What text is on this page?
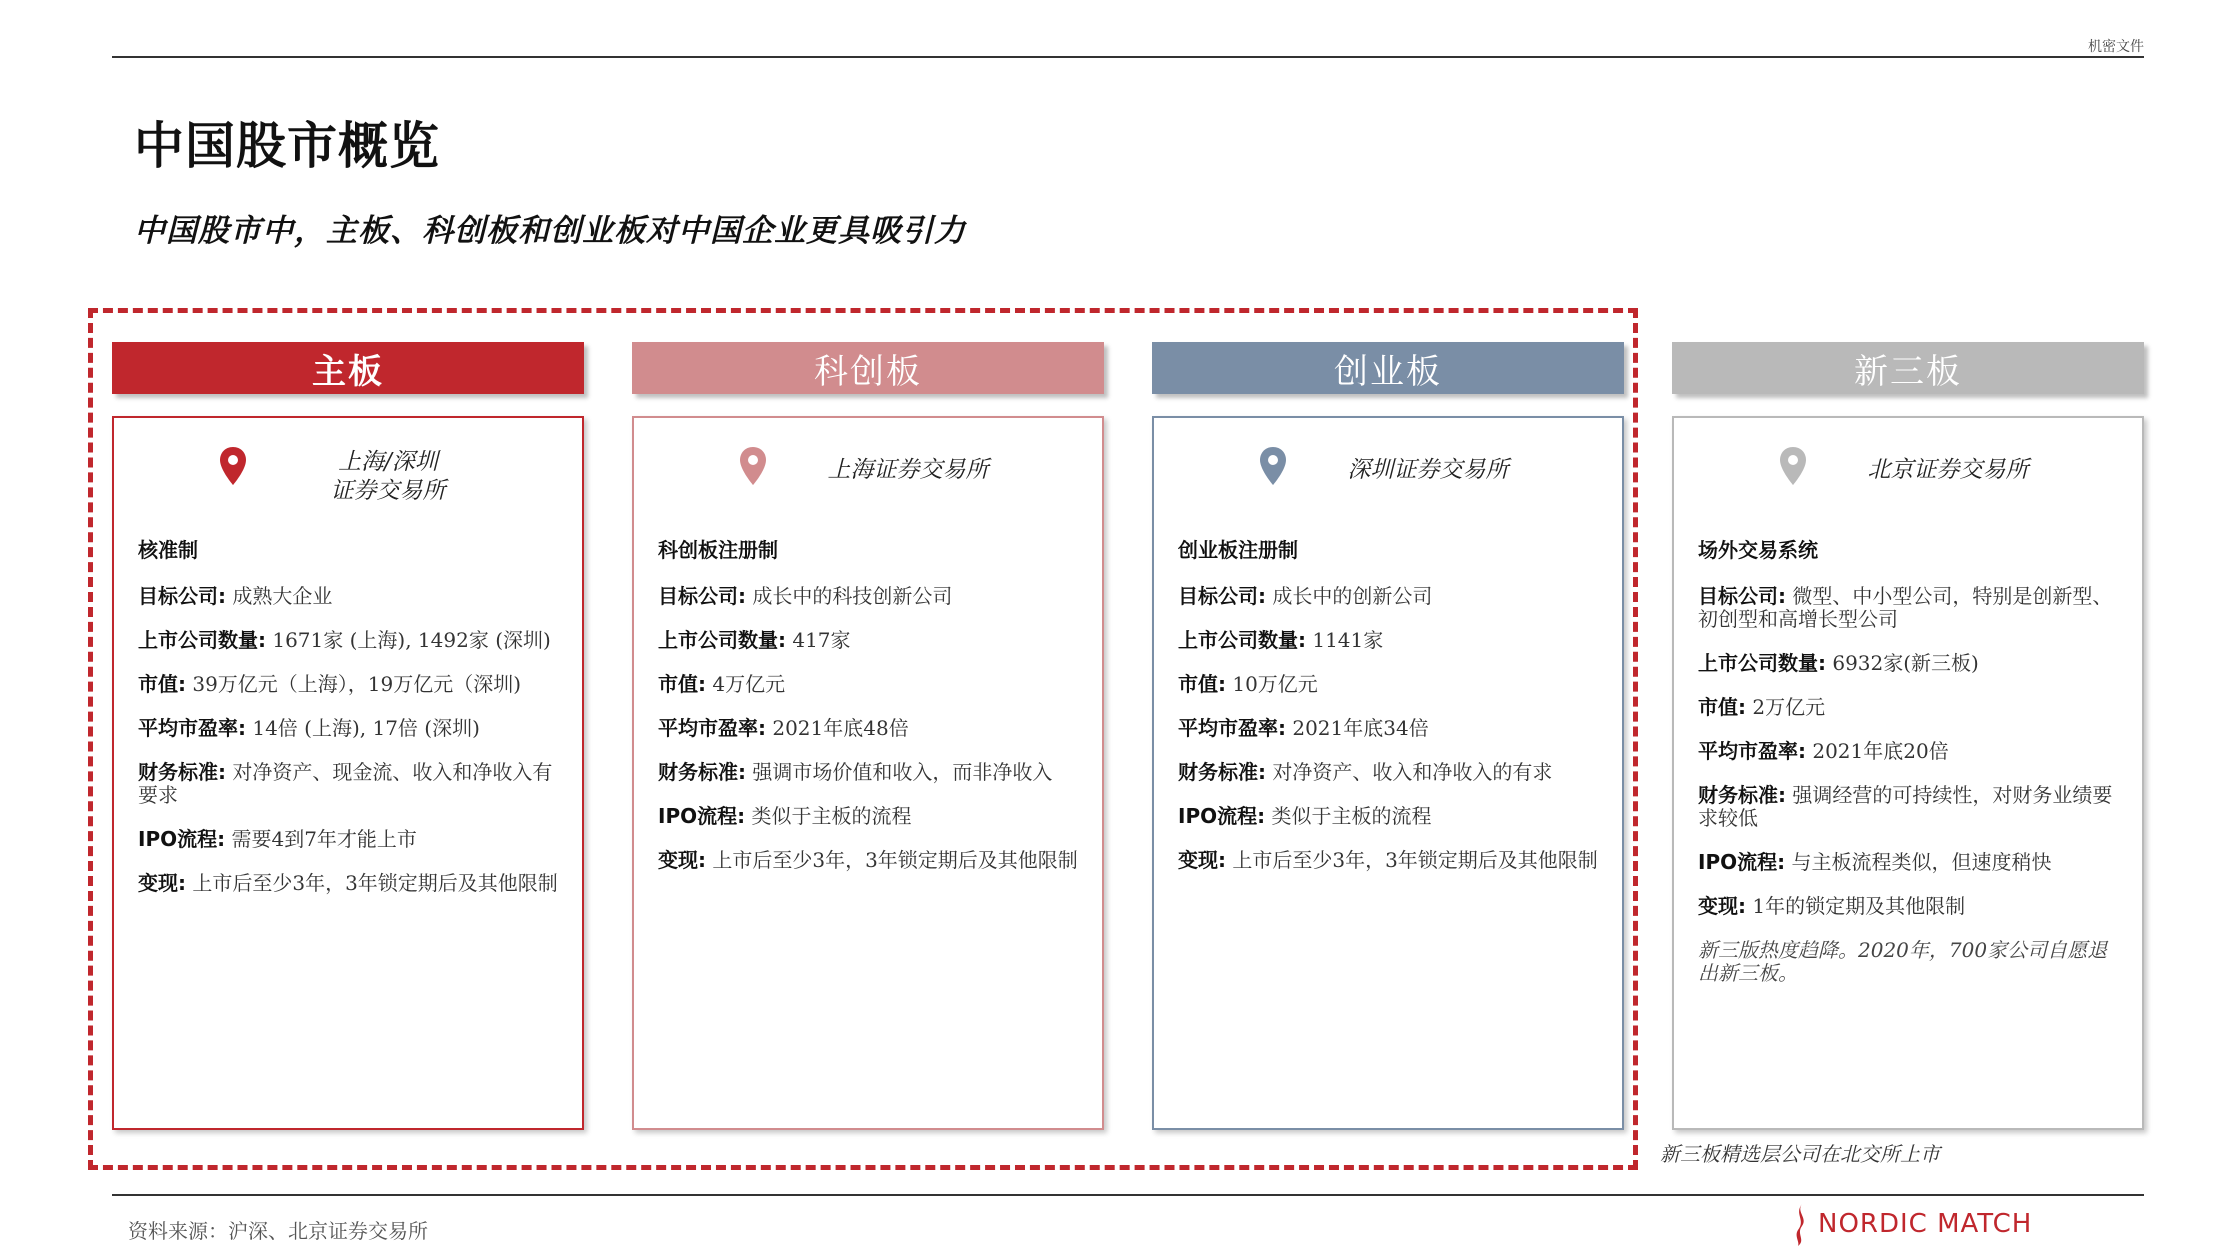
机密文件
中国股市概览
中国股市中，主板、科创板和创业板对中国企业更具吸引力
主板
上海/深圳
证券交易所
核准制
目标公司: 成熟大企业
上市公司数量: 1671家 (上海), 1492家 (深圳)
市值: 39万亿元（上海），19万亿元（深圳)
平均市盈率: 14倍 (上海), 17倍 (深圳)
财务标准: 对净资产、现金流、收入和净收入有要求
IPO流程: 需要4到7年才能上市
变现: 上市后至少3年，3年锁定期后及其他限制
科创板
上海证券交易所
科创板注册制
目标公司: 成长中的科技创新公司
上市公司数量: 417家
市值: 4万亿元
平均市盈率: 2021年底48倍
财务标准: 强调市场价值和收入，而非净收入
IPO流程: 类似于主板的流程
变现: 上市后至少3年，3年锁定期后及其他限制
创业板
深圳证券交易所
创业板注册制
目标公司: 成长中的创新公司
上市公司数量: 1141家
市值: 10万亿元
平均市盈率: 2021年底34倍
财务标准: 对净资产、收入和净收入的有求
IPO流程: 类似于主板的流程
变现: 上市后至少3年，3年锁定期后及其他限制
新三板
北京证券交易所
场外交易系统
目标公司: 微型、中小型公司，特别是创新型、初创型和高增长型公司
上市公司数量: 6932家(新三板)
市值: 2万亿元
平均市盈率: 2021年底20倍
财务标准: 强调经营的可持续性，对财务业绩要求较低
IPO流程: 与主板流程类似，但速度稍快
变现: 1年的锁定期及其他限制
新三版热度趋降。2020年，700家公司自愿退出新三板。
新三板精选层公司在北交所上市
资料来源：沪深、北京证券交易所	NORDIC MATCH
